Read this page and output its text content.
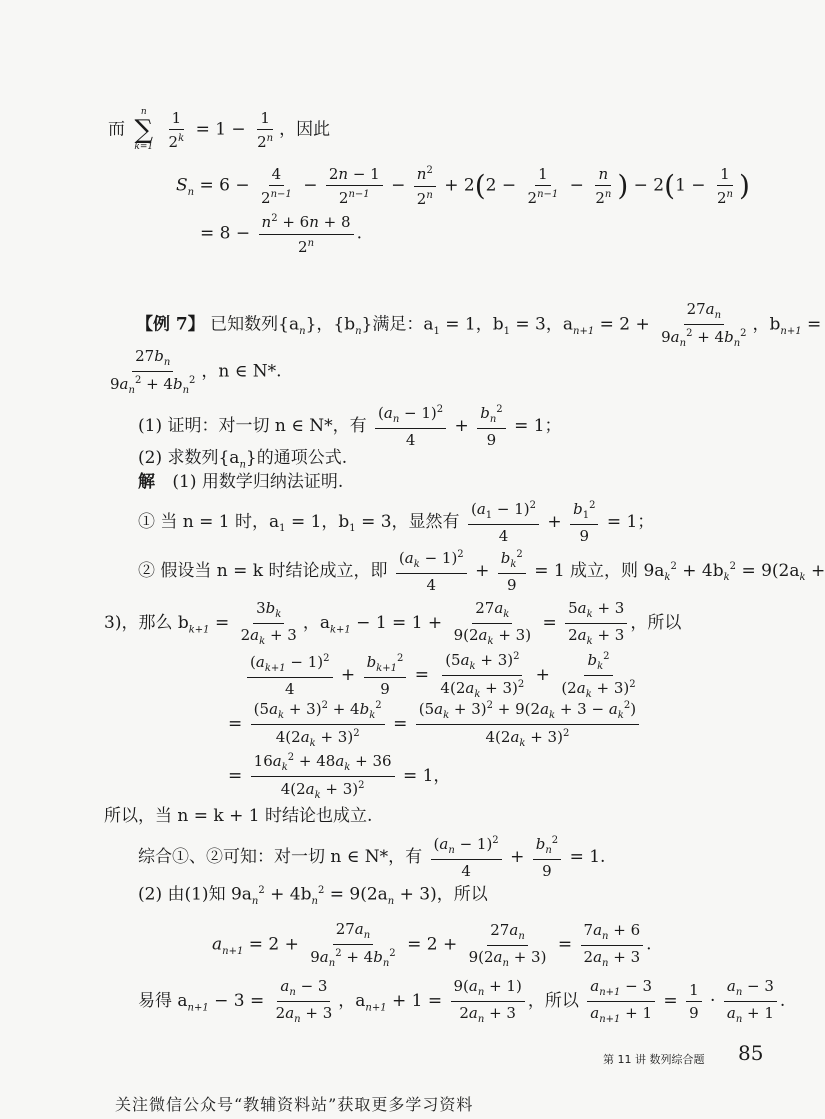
而
n
∑
k=1
$\frac{1}{2^k} = 1 - \frac{1}{2^n}$ ，因此
$S_n = 6 - \frac{4}{2^{n-1}} - \frac{2n - 1}{2^{n-1}} - \frac{n^2}{2^n} + 2(2 - \frac{1}{2^{n-1}} - \frac{n}{2^n}$ ) − $2(1 - \frac{1}{2^n}$ )
= $8 - \frac{n^2 + 6n + 8}{2^n}$ .
【例 7】 已知数列$\{a_n\}$，$\{b_n\}$满足：$a_1 = 1$，$b_1 = 3$，$a_{n+1} = 2 + \frac{27a_n}{9a_n^2 + 4b_n^2}$ ，$b_{n+1}$ =
$\frac{27b_n}{9a_n^2 + 4b_n^2}$ ，n ∈ N*.
(1) 证明：对一切 n ∈ N*，有 $\frac{(a_n - 1)^2}{4} + \frac{b_n^2}{9} = 1$；
(2) 求数列$\{a_n\}$的通项公式.
解 (1) 用数学归纳法证明.
① 当 n = 1 时，$a_1 = 1$，$b_1 = 3$，显然有 $\frac{(a_1 - 1)^2}{4} + \frac{b_1^2}{9} = 1$；
② 假设当 n = k 时结论成立，即 $\frac{(a_k - 1)^2}{4} + \frac{b_k^2}{9} = 1$ 成立，则 $9a_k^2 + 4b_k^2 = 9(2a_k$ +
3)，那么 $b_{k+1} = \frac{3b_k}{2a_k + 3}$ ，$a_{k+1} - 1 = 1 + \frac{27a_k}{9(2a_k + 3)} = \frac{5a_k + 3}{2a_k + 3}$ ，所以
$\frac{(a_{k+1} - 1)^2}{4} + \frac{b_{k+1}^2}{9} = \frac{(5a_k + 3)^2}{4(2a_k + 3)^2} + \frac{b_k^2}{(2a_k + 3)^2}$
= $\frac{(5a_k + 3)^2 + 4b_k^2}{4(2a_k + 3)^2} = \frac{(5a_k + 3)^2 + 9(2a_k + 3 - a_k^2)}{4(2a_k + 3)^2}$
= $\frac{16a_k^2 + 48a_k + 36}{4(2a_k + 3)^2} = 1$，
所以，当 n = k + 1 时结论也成立.
综合①、②可知：对一切 n ∈ N*，有 $\frac{(a_n - 1)^2}{4} + \frac{b_n^2}{9} = 1$.
(2) 由(1)知 $9a_n^2 + 4b_n^2 = 9(2a_n + 3)$，所以
$a_{n+1} = 2 + \frac{27a_n}{9a_n^2 + 4b_n^2} = 2 + \frac{27a_n}{9(2a_n + 3)} = \frac{7a_n + 6}{2a_n + 3}$ .
易得 $a_{n+1} - 3 = \frac{a_n - 3}{2a_n + 3}$ ，$a_{n+1} + 1 = \frac{9(a_n + 1)}{2a_n + 3}$ ，所以 $\frac{a_{n+1} - 3}{a_{n+1} + 1} = \frac{1}{9} \cdot \frac{a_n - 3}{a_n + 1}$ .
第 11 讲 数列综合题 85
关注微信公众号“教辅资料站”获取更多学习资料
